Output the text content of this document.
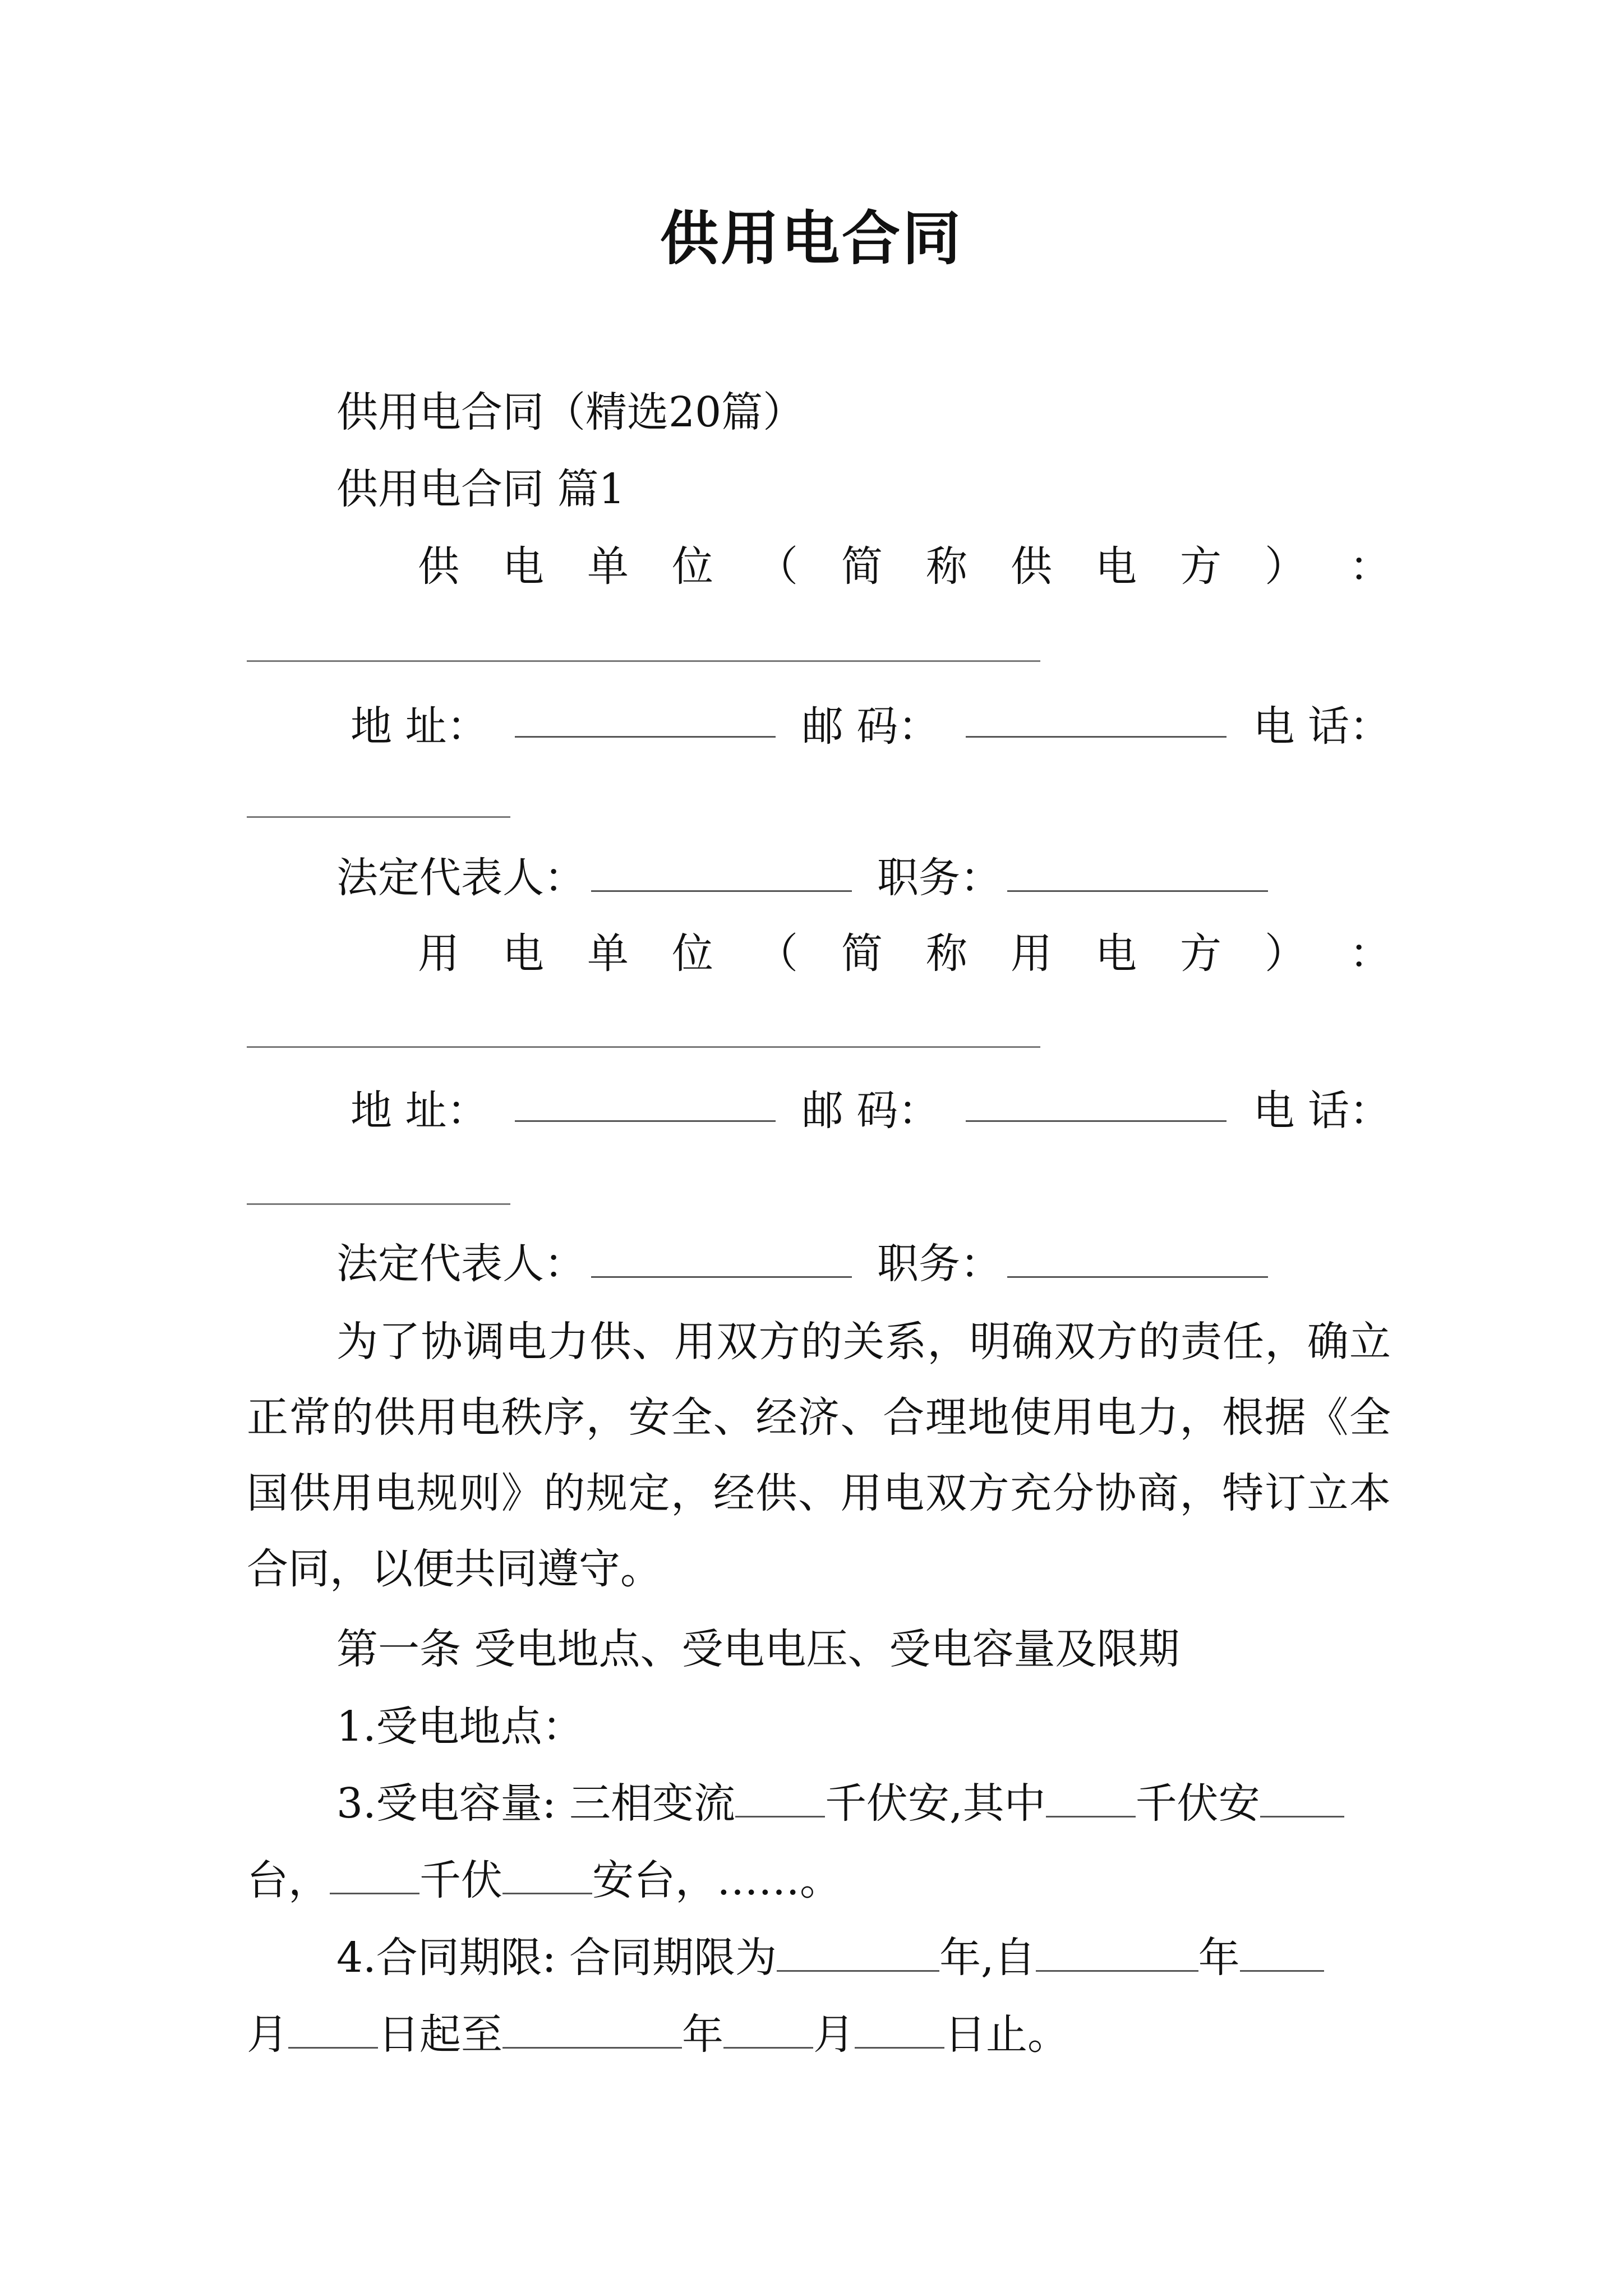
供用电合同
供用电合同（精选20篇）
供用电合同 篇1
供 电 单 位 （ 简 称 供 电 方 ） ：
地 址：	邮 码：	电 话：
法定代表人：	职务：
用 电 单 位 （ 简 称 用 电 方 ） ：
地 址：	邮 码：	电 话：
法定代表人：	职务：
为了协调电力供、用双方的关系，明确双方的责任，确立正常的供用电秩序，安全、经济、合理地使用电力，根据《全国供用电规则》的规定，经供、用电双方充分协商，特订立本合同，以便共同遵守。
第一条 受电地点、受电电压、受电容量及限期
1.受电地点：
3.受电容量: 三相变流 千伏安,其中 千伏安
台， 千伏 安台，……。
4.合同期限: 合同期限为	年,自	年
月 日起至	年 月 日止。
